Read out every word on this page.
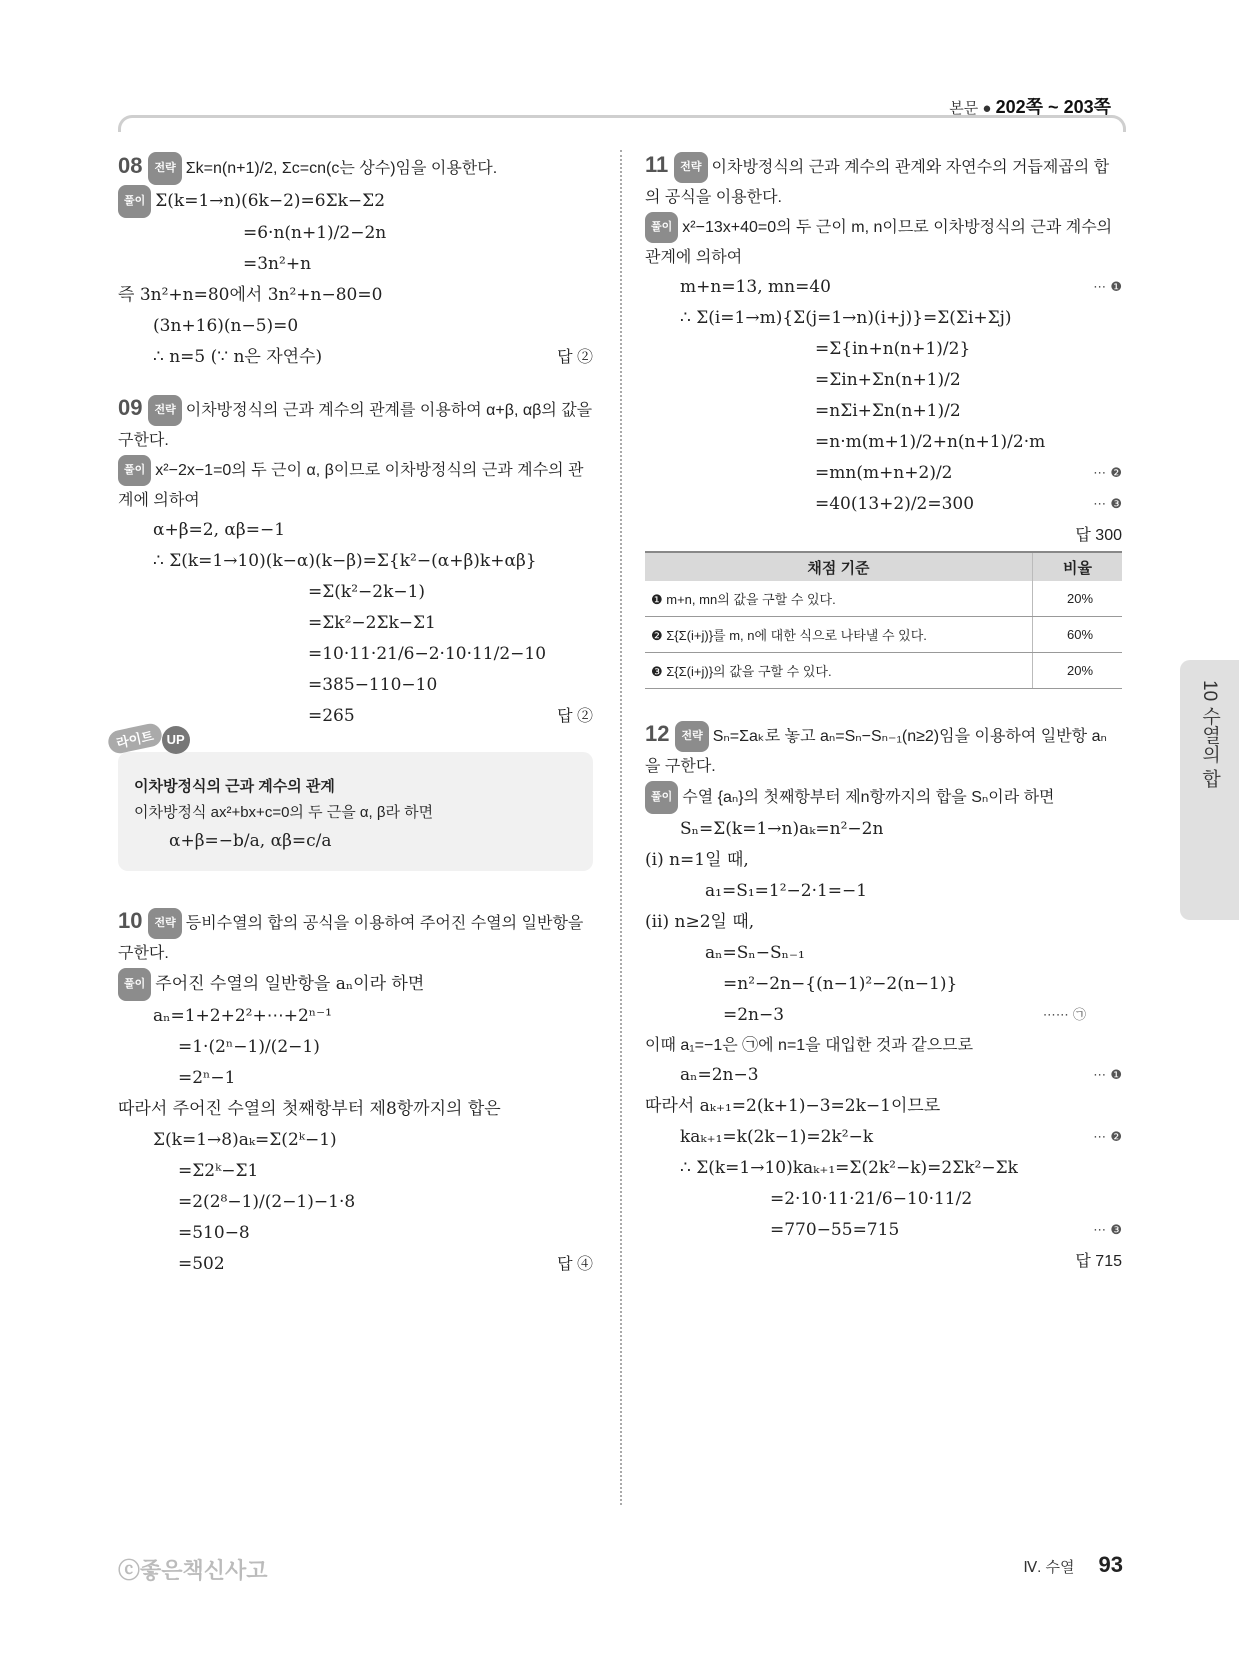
본문 ● 202쪽 ~ 203쪽
08 전략 Σk=n(n+1)/2, Σc=cn(c는 상수)임을 이용한다.
풀이 Σ(k=1→n)(6k−2)=6Σk−Σ2
=6·n(n+1)/2−2n
=3n²+n
즉 3n²+n=80에서 3n²+n−80=0
(3n+16)(n−5)=0
∴ n=5 (∵ n은 자연수)	답 ②
09 전략 이차방정식의 근과 계수의 관계를 이용하여 α+β, αβ의 값을 구한다.
풀이 x²−2x−1=0의 두 근이 α, β이므로 이차방정식의 근과 계수의 관계에 의하여
α+β=2, αβ=−1
∴ Σ(k=1→10)(k−α)(k−β)=Σ{k²−(α+β)k+αβ}
=Σ(k²−2k−1)
=Σk²−2Σk−Σ1
=10·11·21/6−2·10·11/2−10
=385−110−10
=265	답 ②
라이트 UP
이차방정식의 근과 계수의 관계
이차방정식 ax²+bx+c=0의 두 근을 α, β라 하면
α+β=−b/a, αβ=c/a
10 전략 등비수열의 합의 공식을 이용하여 주어진 수열의 일반항을 구한다.
풀이 주어진 수열의 일반항을 aₙ이라 하면
aₙ=1+2+2²+⋯+2ⁿ⁻¹
=1·(2ⁿ−1)/(2−1)
=2ⁿ−1
따라서 주어진 수열의 첫째항부터 제8항까지의 합은
Σ(k=1→8)aₖ=Σ(2ᵏ−1)
=Σ2ᵏ−Σ1
=2(2⁸−1)/(2−1)−1·8
=510−8
=502	답 ④
11 전략 이차방정식의 근과 계수의 관계와 자연수의 거듭제곱의 합의 공식을 이용한다.
풀이 x²−13x+40=0의 두 근이 m, n이므로 이차방정식의 근과 계수의 관계에 의하여
m+n=13, mn=40	⋯ ❶
∴ Σ(i=1→m){Σ(j=1→n)(i+j)}=Σ(Σi+Σj)
=Σ{in+n(n+1)/2}
=Σin+Σn(n+1)/2
=nΣi+Σn(n+1)/2
=n·m(m+1)/2+n(n+1)/2·m
=mn(m+n+2)/2	⋯ ❷
=40(13+2)/2=300	⋯ ❸
답 300
채점 기준	비율
❶ m+n, mn의 값을 구할 수 있다.	20%
❷ Σ{Σ(i+j)}를 m, n에 대한 식으로 나타낼 수 있다.	60%
❸ Σ{Σ(i+j)}의 값을 구할 수 있다.	20%
12 전략 Sₙ=Σaₖ로 놓고 aₙ=Sₙ−Sₙ₋₁(n≥2)임을 이용하여 일반항 aₙ을 구한다.
풀이 수열 {aₙ}의 첫째항부터 제n항까지의 합을 Sₙ이라 하면
Sₙ=Σ(k=1→n)aₖ=n²−2n
(ⅰ) n=1일 때,
a₁=S₁=1²−2·1=−1
(ⅱ) n≥2일 때,
aₙ=Sₙ−Sₙ₋₁
=n²−2n−{(n−1)²−2(n−1)}
=2n−3	⋯⋯ ㉠
이때 a₁=−1은 ㉠에 n=1을 대입한 것과 같으므로
aₙ=2n−3	⋯ ❶
따라서 aₖ₊₁=2(k+1)−3=2k−1이므로
kaₖ₊₁=k(2k−1)=2k²−k	⋯ ❷
∴ Σ(k=1→10)kaₖ₊₁=Σ(2k²−k)=2Σk²−Σk
=2·10·11·21/6−10·11/2
=770−55=715	⋯ ❸
답 715
10 수열의 합
ⓒ좋은책신사고	Ⅳ. 수열 93
